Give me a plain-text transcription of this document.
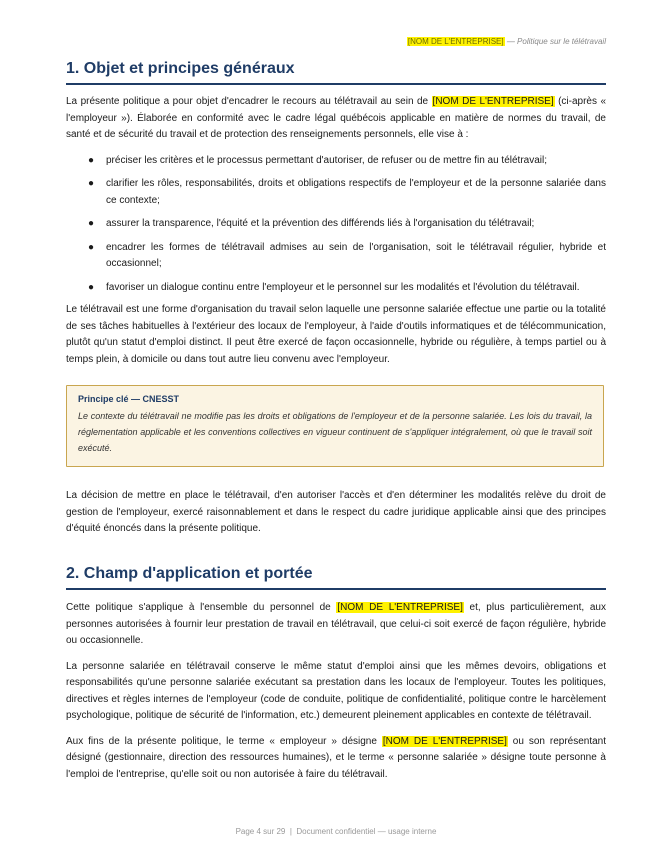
[NOM DE L'ENTREPRISE] — Politique sur le télétravail
1. Objet et principes généraux

La présente politique a pour objet d'encadrer le recours au télétravail au sein de [NOM DE L'ENTREPRISE] (ci-après « l'employeur »). Élaborée en conformité avec le cadre légal québécois applicable en matière de normes du travail, de santé et de sécurité du travail et de protection des renseignements personnels, elle vise à :

● préciser les critères et le processus permettant d'autoriser, de refuser ou de mettre fin au télétravail;
● clarifier les rôles, responsabilités, droits et obligations respectifs de l'employeur et de la personne salariée dans ce contexte;
● assurer la transparence, l'équité et la prévention des différends liés à l'organisation du télétravail;
● encadrer les formes de télétravail admises au sein de l'organisation, soit le télétravail régulier, hybride et occasionnel;
● favoriser un dialogue continu entre l'employeur et le personnel sur les modalités et l'évolution du télétravail.

Le télétravail est une forme d'organisation du travail selon laquelle une personne salariée effectue une partie ou la totalité de ses tâches habituelles à l'extérieur des locaux de l'employeur, à l'aide d'outils informatiques et de télécommunication, plutôt qu'un statut d'emploi distinct. Il peut être exercé de façon occasionnelle, hybride ou régulière, à temps partiel ou à temps plein, à domicile ou dans tout autre lieu convenu avec l'employeur.

Principe clé — CNESST
Le contexte du télétravail ne modifie pas les droits et obligations de l'employeur et de la personne salariée. Les lois du travail, la réglementation applicable et les conventions collectives en vigueur continuent de s'appliquer intégralement, où que le travail soit exécuté.

La décision de mettre en place le télétravail, d'en autoriser l'accès et d'en déterminer les modalités relève du droit de gestion de l'employeur, exercé raisonnablement et dans le respect du cadre juridique applicable ainsi que des principes d'équité énoncés dans la présente politique.

2. Champ d'application et portée

Cette politique s'applique à l'ensemble du personnel de [NOM DE L'ENTREPRISE] et, plus particulièrement, aux personnes autorisées à fournir leur prestation de travail en télétravail, que celui-ci soit exercé de façon régulière, hybride ou occasionnelle.

La personne salariée en télétravail conserve le même statut d'emploi ainsi que les mêmes devoirs, obligations et responsabilités qu'une personne salariée exécutant sa prestation dans les locaux de l'employeur. Toutes les politiques, directives et règles internes de l'employeur (code de conduite, politique de confidentialité, politique contre le harcèlement psychologique, politique de sécurité de l'information, etc.) demeurent pleinement applicables en contexte de télétravail.

Aux fins de la présente politique, le terme « employeur » désigne [NOM DE L'ENTREPRISE] ou son représentant désigné (gestionnaire, direction des ressources humaines), et le terme « personne salariée » désigne toute personne à l'emploi de l'entreprise, qu'elle soit ou non autorisée à faire du télétravail.

Page 4 sur 29  |  Document confidentiel — usage interne
